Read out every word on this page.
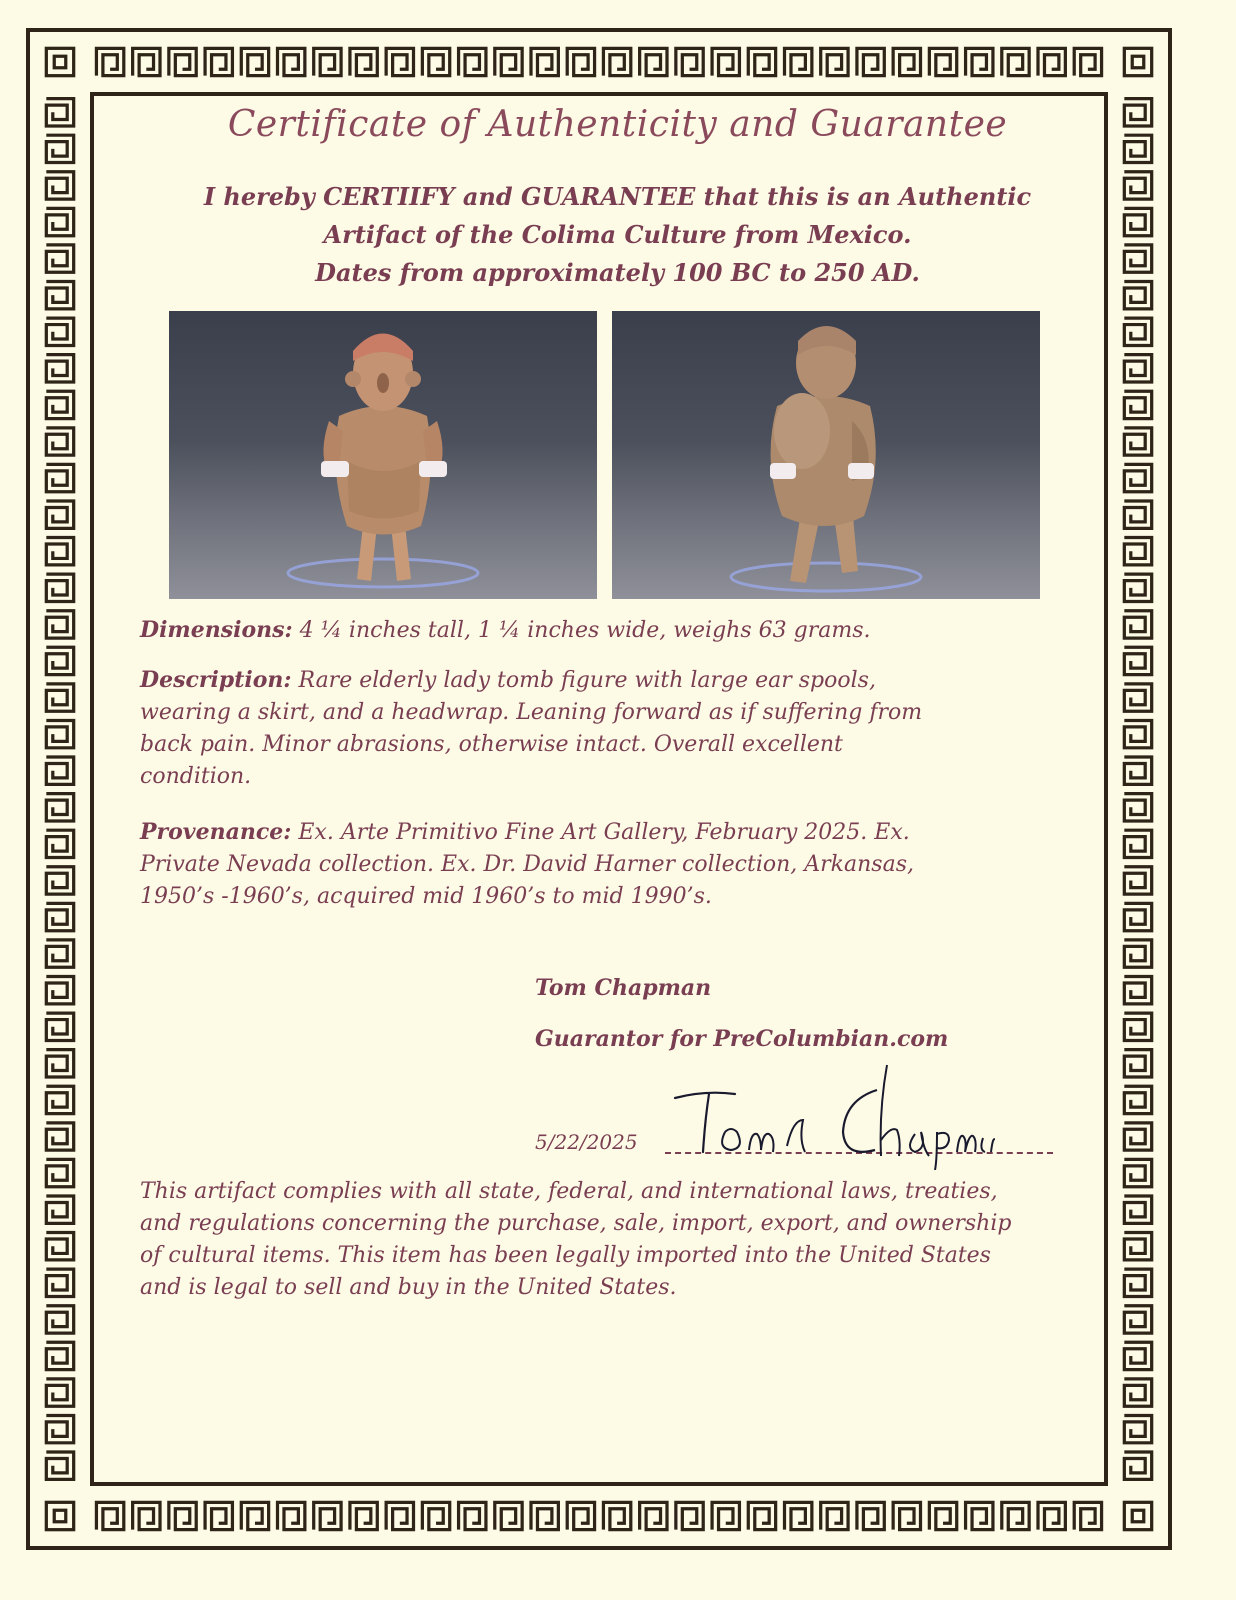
Certificate of Authenticity and Guarantee
I hereby CERTIIFY and GUARANTEE that this is an Authentic
Artifact of the Colima Culture from Mexico.
Dates from approximately 100 BC to 250 AD.
Dimensions: 4 ¼ inches tall, 1 ¼ inches wide, weighs 63 grams.
Description: Rare elderly lady tomb figure with large ear spools,
wearing a skirt, and a headwrap. Leaning forward as if suffering from
back pain. Minor abrasions, otherwise intact. Overall excellent
condition.
Provenance: Ex. Arte Primitivo Fine Art Gallery, February 2025. Ex.
Private Nevada collection. Ex. Dr. David Harner collection, Arkansas,
1950’s -1960’s, acquired mid 1960’s to mid 1990’s.
Tom Chapman
Guarantor for PreColumbian.com
5/22/2025
This artifact complies with all state, federal, and international laws, treaties,
and regulations concerning the purchase, sale, import, export, and ownership
of cultural items. This item has been legally imported into the United States
and is legal to sell and buy in the United States.
